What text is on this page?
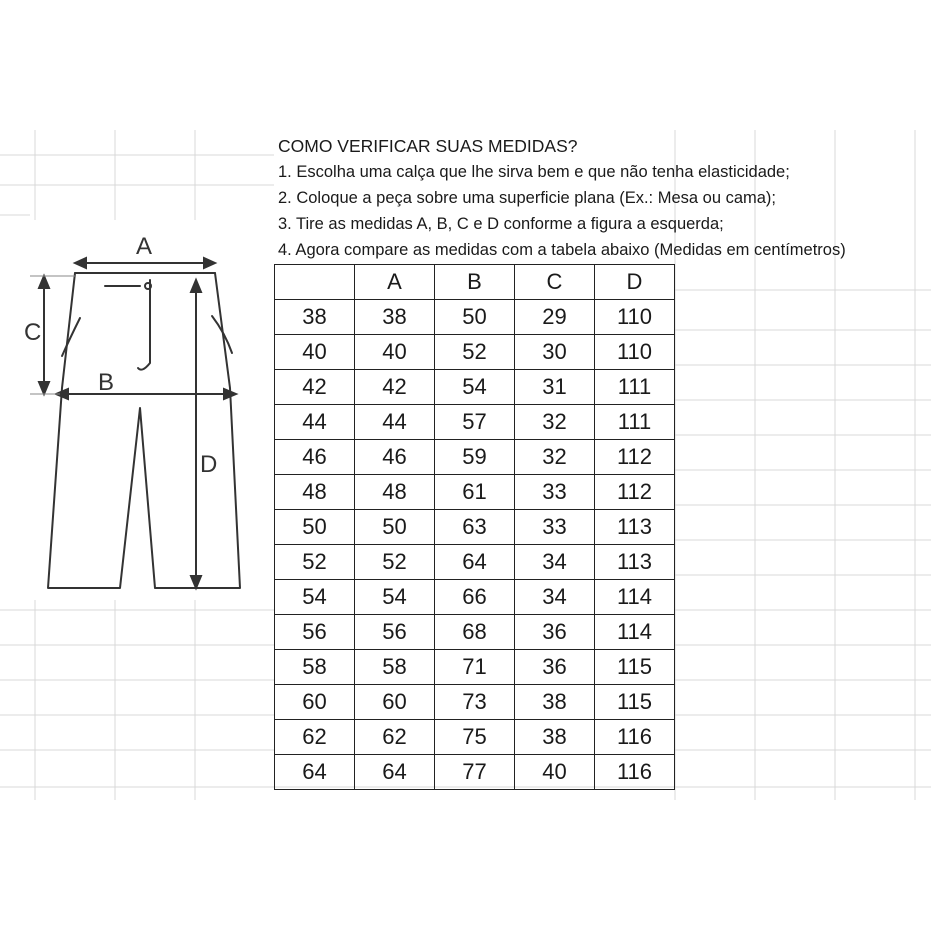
COMO VERIFICAR SUAS MEDIDAS?
1. Escolha uma calça que lhe sirva bem e que não tenha elasticidade;
2. Coloque a peça sobre uma superficie plana (Ex.: Mesa ou cama);
3. Tire as medidas A, B, C e D conforme a figura a esquerda;
4. Agora compare as medidas com a tabela abaixo (Medidas em centímetros)
A
C
B
D
	A	B	C	D
38	38	50	29	110
40	40	52	30	110
42	42	54	31	111
44	44	57	32	111
46	46	59	32	112
48	48	61	33	112
50	50	63	33	113
52	52	64	34	113
54	54	66	34	114
56	56	68	36	114
58	58	71	36	115
60	60	73	38	115
62	62	75	38	116
64	64	77	40	116
